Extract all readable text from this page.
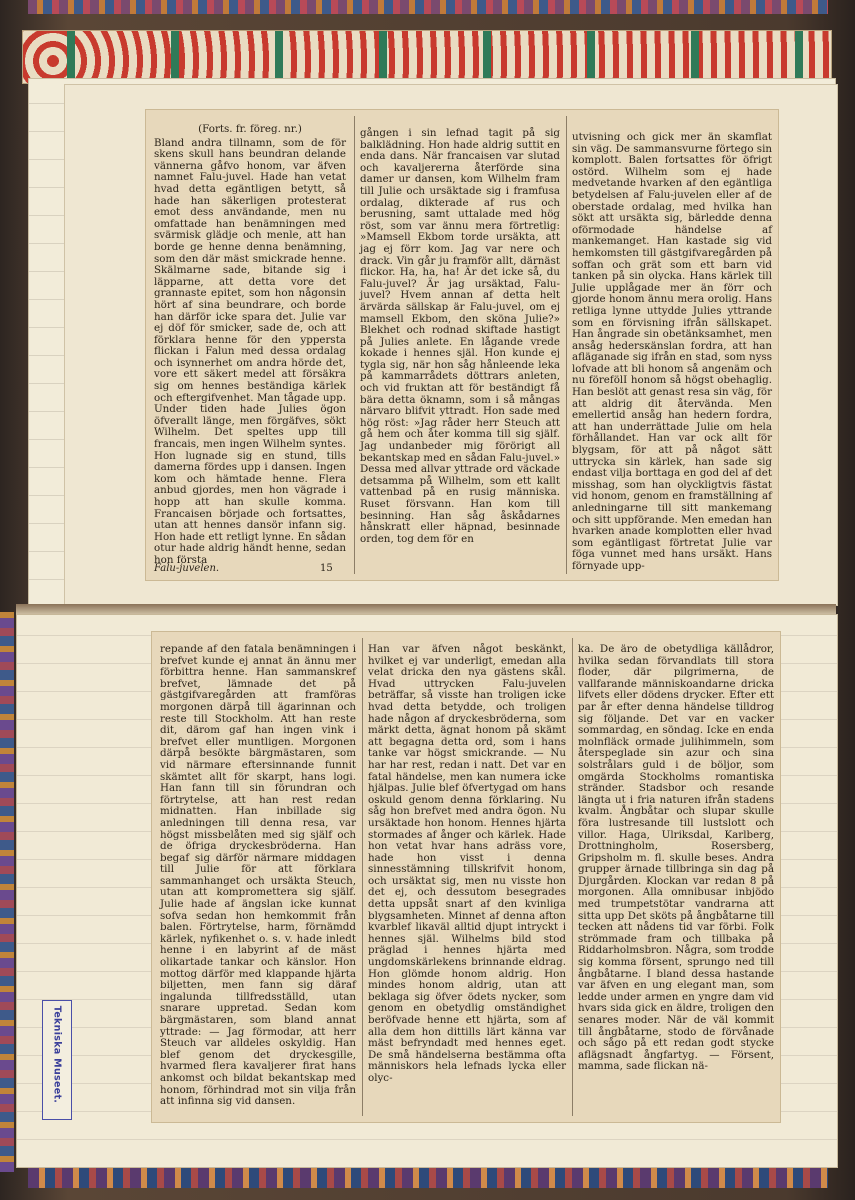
(Forts. fr. föreg. nr.)

Bland andra tillnamn, som de för skens skull hans beundran delande vännerna gåfvo honom, var äfven namnet Falu-juvel. Hade han vetat hvad detta egäntligen betytt, så hade han säkerligen protesterat emot dess användande, men nu omfattade han benämningen med svärmisk glädje och menle, att han borde ge henne denna benämning, som den där mäst smickrade henne. Skälmarne sade, bitande sig i läpparne, att detta vore det grannaste epitet, som hon någonsin hört af sina beundrare, och borde han därför icke spara det. Julie var ej döf för smicker, sade de, och att förklara henne för den ypperstа flickan i Falun med dessa ordalag och isynnerhet om andra hörde det, vore ett säkert medel att försäkra sig om hennes beständiga kärlek och eftergifvenhet. Man tågade upp. Under tiden hade Julies ögon öfverallt länge, men förgäfves, sökt Wilhelm. Det speltes upp till francais, men ingen Wilhelm syntes. Hon lugnade sig en stund, tills damerna fördes upp i dansen. Ingen kom och hämtade henne. Flera anbud gjordes, men hon vägrade i hopp att han skulle komma. Francaisen började och fortsattes, utan att hennes dansör infann sig. Hon hade ett retligt lynne. En sådan otur hade aldrig händt henne, sedan hon första

gången i sin lefnad tagit på sig balklädning. Hon hade aldrig suttit en enda dans. När francaisen var slutad och kavaljererna återförde sina damer ur dansen, kom Wilhelm fram till Julie och ursäktade sig i framfusa ordalag, dikterade af rus och berusning, samt uttalade med hög röst, som var ännu mera förtretlig: »Mamsell Ekbom torde ursäkta, att jag ej förr kom. Jag var nere och drack. Vin går ju framför allt, därnäst flickor. Ha, ha, ha! Är det icke så, du Falu-juvel? Är jag ursäktad, Falu-juvel? Hvem annan af detta helt ärvärda sällskap är Falu-juvel, om ej mamsell Ekbom, den sköna Julie?» Blekhet och rodnad skiftade hastigt på Julies anlete. En lågande vrede kokade i hennes själ. Hon kunde ej tygla sig, när hon såg hånleende leka på kammarrådets döttrars anleten, och vid fruktan att för beständigt få bära detta öknamn, som i så mångas närvaro blifvit yttradt. Hon sade med hög röst: »Jag råder herr Steuch att gå hem och åter komma till sig själf. Jag undanbeder mig förörigt all bekantskap med en sådan Falu-juvel.» Dessa med allvar yttrade ord väckade detsamma på Wilhelm, som ett kallt vattenbad på en rusig människa. Ruset försvann. Han kom till besinning. Han såg åskådarnes hånskratt eller häpnad, besinnade orden, tog dem för en

utvisning och gick mer än skamflat sin väg. De sammansvurne förtego sin komplott. Balen fortsattes för öfrigt ostörd. Wilhelm som ej hade medvetande hvarken af den egäntliga betydelsen af Falu-juvelen eller af de oberstade ordalag, med hvilka han sökt att ursäkta sig, bärledde denna oförmodade händelse af mankemanget. Han kastade sig vid hemkomsten till gästgifvaregården på soffan och grät som ett barn vid tanken på sin olycka. Hans kärlek till Julie upplågade mer än förr och gjorde honom ännu mera orolig. Hans retliga lynne uttydde Julies yttrande som en förvisning ifrån sällskapet. Han ångrade sin obetänksamhet, men ansåg hedersкänslan fordra, att han afläganade sig ifrån en stad, som nyss lofvade att bli honom så angenäm och nu förefölI honom så högst obehaglig. Han beslöt att genast resa sin väg, för att aldrig dit återvända. Men emellertid ansåg han hedern fordra, att han underrättade Julie om hela förhållandet. Han var ock allt för blygsam, för att på något sätt uttrycka sin kärlek, han sade sig endast vilja borttaga en god del af det misshag, som han olyckligtvis fästat vid honom, genom en framställning af anledningarne till sitt mankemang och sitt uppförande. Men emedan han hvarken anade komplotten eller hvad som egäntligast förtretat Julie var föga vunnet med hans ursäkt. Hans förnyade upp-

Falu-juvelen.	15

repande af den fatala benämningen i brefvet kunde ej annat än ännu mer förbittra henne. Han sammanskref brefvet, lämnade det på gästgifvaregården att framföras morgonen därpå till ägarinnan och reste till Stockholm. Att han reste dit, därom gaf han ingen vink i brefvet eller muntligen. Morgonen därpå besökte bärgmästaren, som vid närmare eftersinnande funnit skämtet allt för skarpt, hans logi. Han fann till sin förundran och förtrytelse, att han rest redan midnatten. Han inbillade sig anledningen till denna resa, var högst missbelåten med sig själf och de öfriga dryckesbröderna. Han begaf sig därför närmare middagen till Julie för att förklara sammanhanget och ursäkta Steuch, utan att kompromettera sig själf. Julie hade af ängslan icke kunnat sofva sedan hon hemkommit från balen. Förtrytelse, harm, förnämdd kärlek, nyfikenhet o. s. v. hade inledt henne i en labyrint af de mäst olikartade tankar och känslor. Hon mottog därför med klappande hjärta biljetten, men fann sig däraf ingalunda tillfredsställd, utan snarare uppretad. Sedan kom bärgmästaren, som bland annat yttrade: — Jag förmodar, att herr Steuch var alldeles oskyldig. Han blef genom det dryckesgille, hvarmed flera kavaljerer firat hans ankomst och bildat bekantskap med honom, förhindrad mot sin vilja från att infinna sig vid dansen.

Han var äfven något beskänkt, hvilket ej var underligt, emedan alla velat dricka den nya gästens skål. Hvad uttrycken Falu-juvelen beträffar, så visste han troligen icke hvad detta betydde, och troligen hade någon af dryckesbröderna, som märkt detta, ägnat honom på skämt att begagna detta ord, som i hans tanke var högst smickrande. — Nu har har rest, redan i natt. Det var en fatal händelse, men kan numera icke hjälpas. Julie blef öfvertygad om hans oskuld genom denna förklaring. Nu såg hon brefvet med andra ögon. Nu ursäktade hon honom. Hennes hjärta stormades af ånger och kärlek. Hade hon vetat hvar hans adräss vore, hade hon visst i denna sinnesstämning tillskrifvit honom, och ursäktat sig, men nu visste hon det ej, och dessutom besegrades detta uppsåt snart af den kvinliga blygsamheten. Minnet af denna afton kvarblef likaväl alltid djupt intryckt i hennes själ. Wilhelms bild stod präglad i hennes hjärta med ungdomskärlekens brinnande eldrag. Hon glömde honom aldrig. Hon mindes honom aldrig, utan att beklaga sig öfver ödets nycker, som genom en obetydlig omständighet beröfvade henne ett hjärta, som af alla dem hon dittills lärt känna var mäst befryndadt med hennes eget. De små händelserna bestämma ofta människors hela lefnads lycka eller olyc-

ka. De äro de obetydliga källådror, hvilka sedan förvandlats till stora floder, där pilgrimerna, de vallfarande människoandarne dricka lifvets eller dödens drycker. Efter ett par år efter denna händelse tilldrog sig följande. Det var en vacker sommardag, en söndag. Icke en enda molnfläck ormade julihimmeln, som återspeglade sin azur och sina solstrålars guld i de böljor, som omgärda Stockholms romantiska stränder. Stadsbor och resande längta ut i fria naturen ifrån stadens kvalm. Ångbåtar och slupar skulle föra lustresande till lustslott och villor. Haga, Ulriksdal, Karlberg, Drottningholm, Rosersberg, Gripsholm m. fl. skulle beses. Andra grupper ärnade tillbringa sin dag på Djurgården. Klockan var redan 8 på morgonen. Alla omnibusar inbjödo med trumpetstötar vandrarna att sitta upp Det sköts på ångbåtarne till tecken att nådens tid var förbi. Folk strömmade fram och tillbaka på Riddarholmsbron. Några, som trodde sig komma försent, sprungo ned till ångbåtarne. I bland dessa hastande var äfven en ung elegant man, som ledde under armen en yngre dam vid hvars sida gick en äldre, troligen den senares moder. När de väl kommit till ångbåtarne, stodo de förvånade och sågo på ett redan godt stycke aflägsnadt ångfartyg. — Försent, mamma, sade flickan nä-

Tekniska Museet.
